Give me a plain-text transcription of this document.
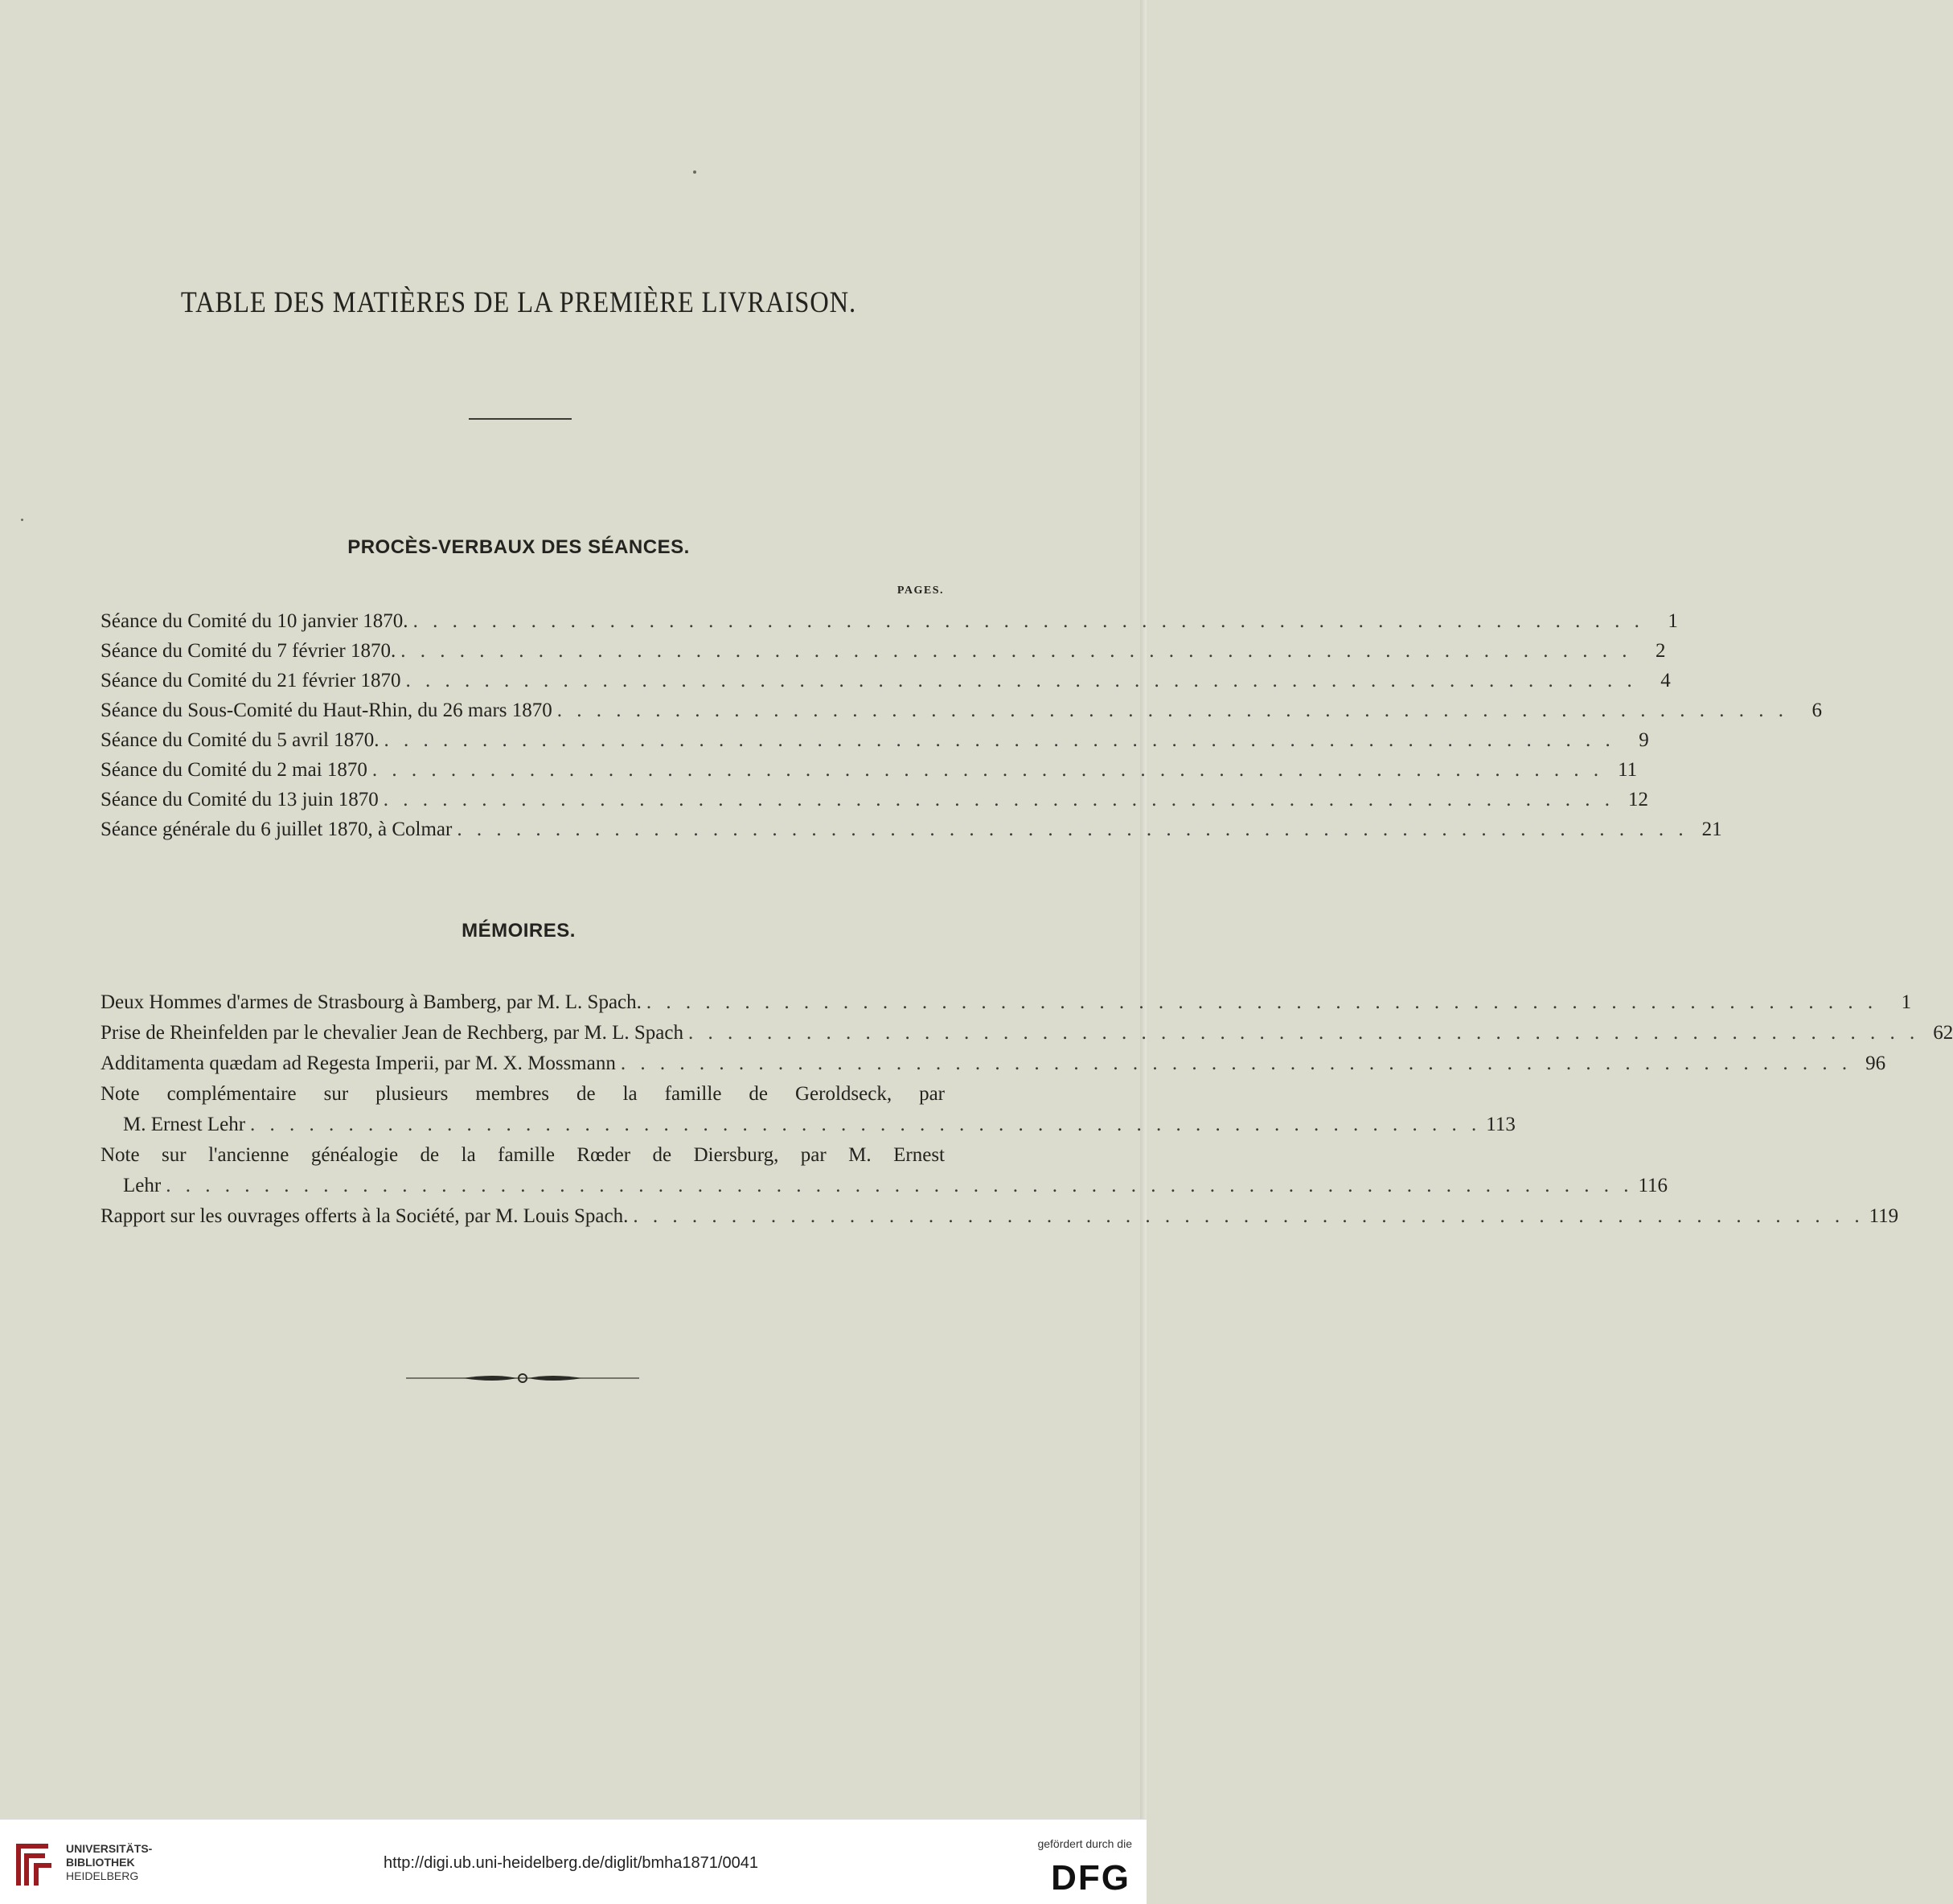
TABLE DES MATIÈRES DE LA PREMIÈRE LIVRAISON.
PROCÈS-VERBAUX DES SÉANCES.
PAGES.
Séance du Comité du 10 janvier 1870. . . . . . . . . . . . . . . . . . . . . . . . . . . . . . . . . . . . . . . . . . . . . . . . . . . . . . . . . . . . . . . .	1
Séance du Comité du 7 février 1870. . . . . . . . . . . . . . . . . . . . . . . . . . . . . . . . . . . . . . . . . . . . . . . . . . . . . . . . . . . . . . . .	2
Séance du Comité du 21 février 1870 . . . . . . . . . . . . . . . . . . . . . . . . . . . . . . . . . . . . . . . . . . . . . . . . . . . . . . . . . . . . . . .	4
Séance du Sous-Comité du Haut-Rhin, du 26 mars 1870 . . . . . . . . . . . . . . . . . . . . . . . . . . . . . . . . . . . . . . . . . . . . . . . . . . . . . . . . . . . . . . .	6
Séance du Comité du 5 avril 1870. . . . . . . . . . . . . . . . . . . . . . . . . . . . . . . . . . . . . . . . . . . . . . . . . . . . . . . . . . . . . . . .	9
Séance du Comité du 2 mai 1870 . . . . . . . . . . . . . . . . . . . . . . . . . . . . . . . . . . . . . . . . . . . . . . . . . . . . . . . . . . . . . . . 11
Séance du Comité du 13 juin 1870 . . . . . . . . . . . . . . . . . . . . . . . . . . . . . . . . . . . . . . . . . . . . . . . . . . . . . . . . . . . . . . . 12
Séance générale du 6 juillet 1870, à Colmar . . . . . . . . . . . . . . . . . . . . . . . . . . . . . . . . . . . . . . . . . . . . . . . . . . . . . . . . . . . . . . . 21
MÉMOIRES.
Deux Hommes d'armes de Strasbourg à Bamberg, par M. L. Spach. . . . . . . . . . . . . . . . . . . . . . . . . . . . . . . . . . . . . . . . . . . . . . . . . . . . . . . . . . . . . . . .	1
Prise de Rheinfelden par le chevalier Jean de Rechberg, par M. L. Spach . . . . . . . . . . . . . . . . . . . . . . . . . . . . . . . . . . . . . . . . . . . . . . . . . . . . . . . . . . . . . . . 62
Additamenta quædam ad Regesta Imperii, par M. X. Mossmann . . . . . . . . . . . . . . . . . . . . . . . . . . . . . . . . . . . . . . . . . . . . . . . . . . . . . . . . . . . . . . . 96
Note complémentaire sur plusieurs membres de la famille de Geroldseck, par
M. Ernest Lehr . . . . . . . . . . . . . . . . . . . . . . . . . . . . . . . . . . . . . . . . . . . . . . . . . . . . . . . . . . . . . . . 113
Note sur l'ancienne généalogie de la famille Rœder de Diersburg, par M. Ernest
Lehr . . . . . . . . . . . . . . . . . . . . . . . . . . . . . . . . . . . . . . . . . . . . . . . . . . . . . . . . . . . . . . . . . . . . . . . . . . . 116
Rapport sur les ouvrages offerts à la Société, par M. Louis Spach. . . . . . . . . . . . . . . . . . . . . . . . . . . . . . . . . . . . . . . . . . . . . . . . . . . . . . . . . . . . . . . . 119
UNIVERSITÄTS-
BIBLIOTHEK
HEIDELBERG
http://digi.ub.uni-heidelberg.de/diglit/bmha1871/0041
gefördert durch die
DFG
